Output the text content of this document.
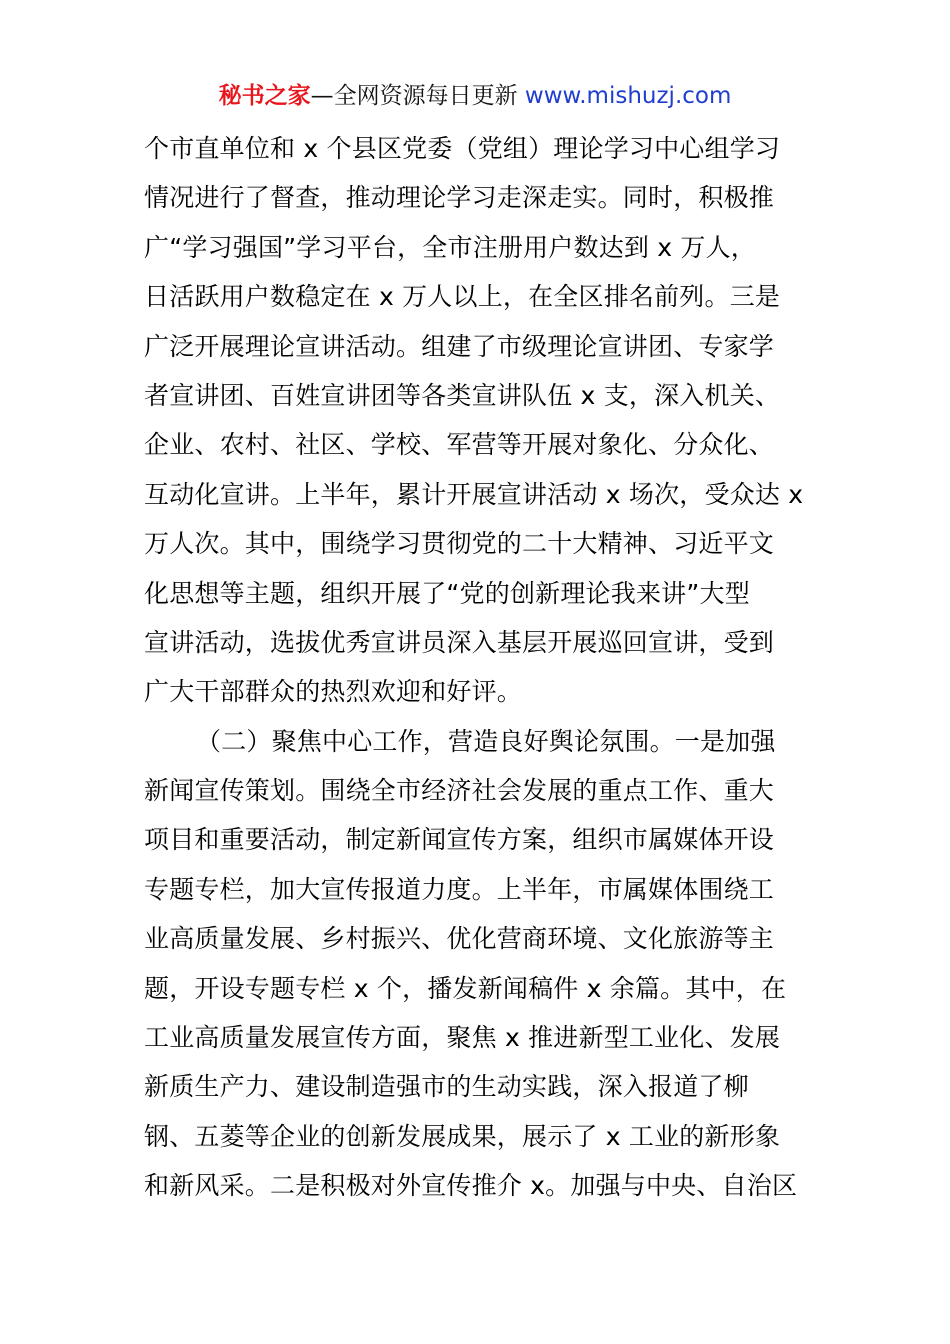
秘书之家—全网资源每日更新 www.mishuzj.com
个市直单位和 x 个县区党委（党组）理论学习中心组学习
情况进行了督查，推动理论学习走深走实。同时，积极推
广“学习强国”学习平台，全市注册用户数达到 x 万人，
日活跃用户数稳定在 x 万人以上，在全区排名前列。三是
广泛开展理论宣讲活动。组建了市级理论宣讲团、专家学
者宣讲团、百姓宣讲团等各类宣讲队伍 x 支，深入机关、
企业、农村、社区、学校、军营等开展对象化、分众化、
互动化宣讲。上半年，累计开展宣讲活动 x 场次，受众达 x
万人次。其中，围绕学习贯彻党的二十大精神、习近平文
化思想等主题，组织开展了“党的创新理论我来讲”大型
宣讲活动，选拔优秀宣讲员深入基层开展巡回宣讲，受到
广大干部群众的热烈欢迎和好评。
（二）聚焦中心工作，营造良好舆论氛围。一是加强
新闻宣传策划。围绕全市经济社会发展的重点工作、重大
项目和重要活动，制定新闻宣传方案，组织市属媒体开设
专题专栏，加大宣传报道力度。上半年，市属媒体围绕工
业高质量发展、乡村振兴、优化营商环境、文化旅游等主
题，开设专题专栏 x 个，播发新闻稿件 x 余篇。其中，在
工业高质量发展宣传方面，聚焦 x 推进新型工业化、发展
新质生产力、建设制造强市的生动实践，深入报道了柳
钢、五菱等企业的创新发展成果，展示了 x 工业的新形象
和新风采。二是积极对外宣传推介 x。加强与中央、自治区
